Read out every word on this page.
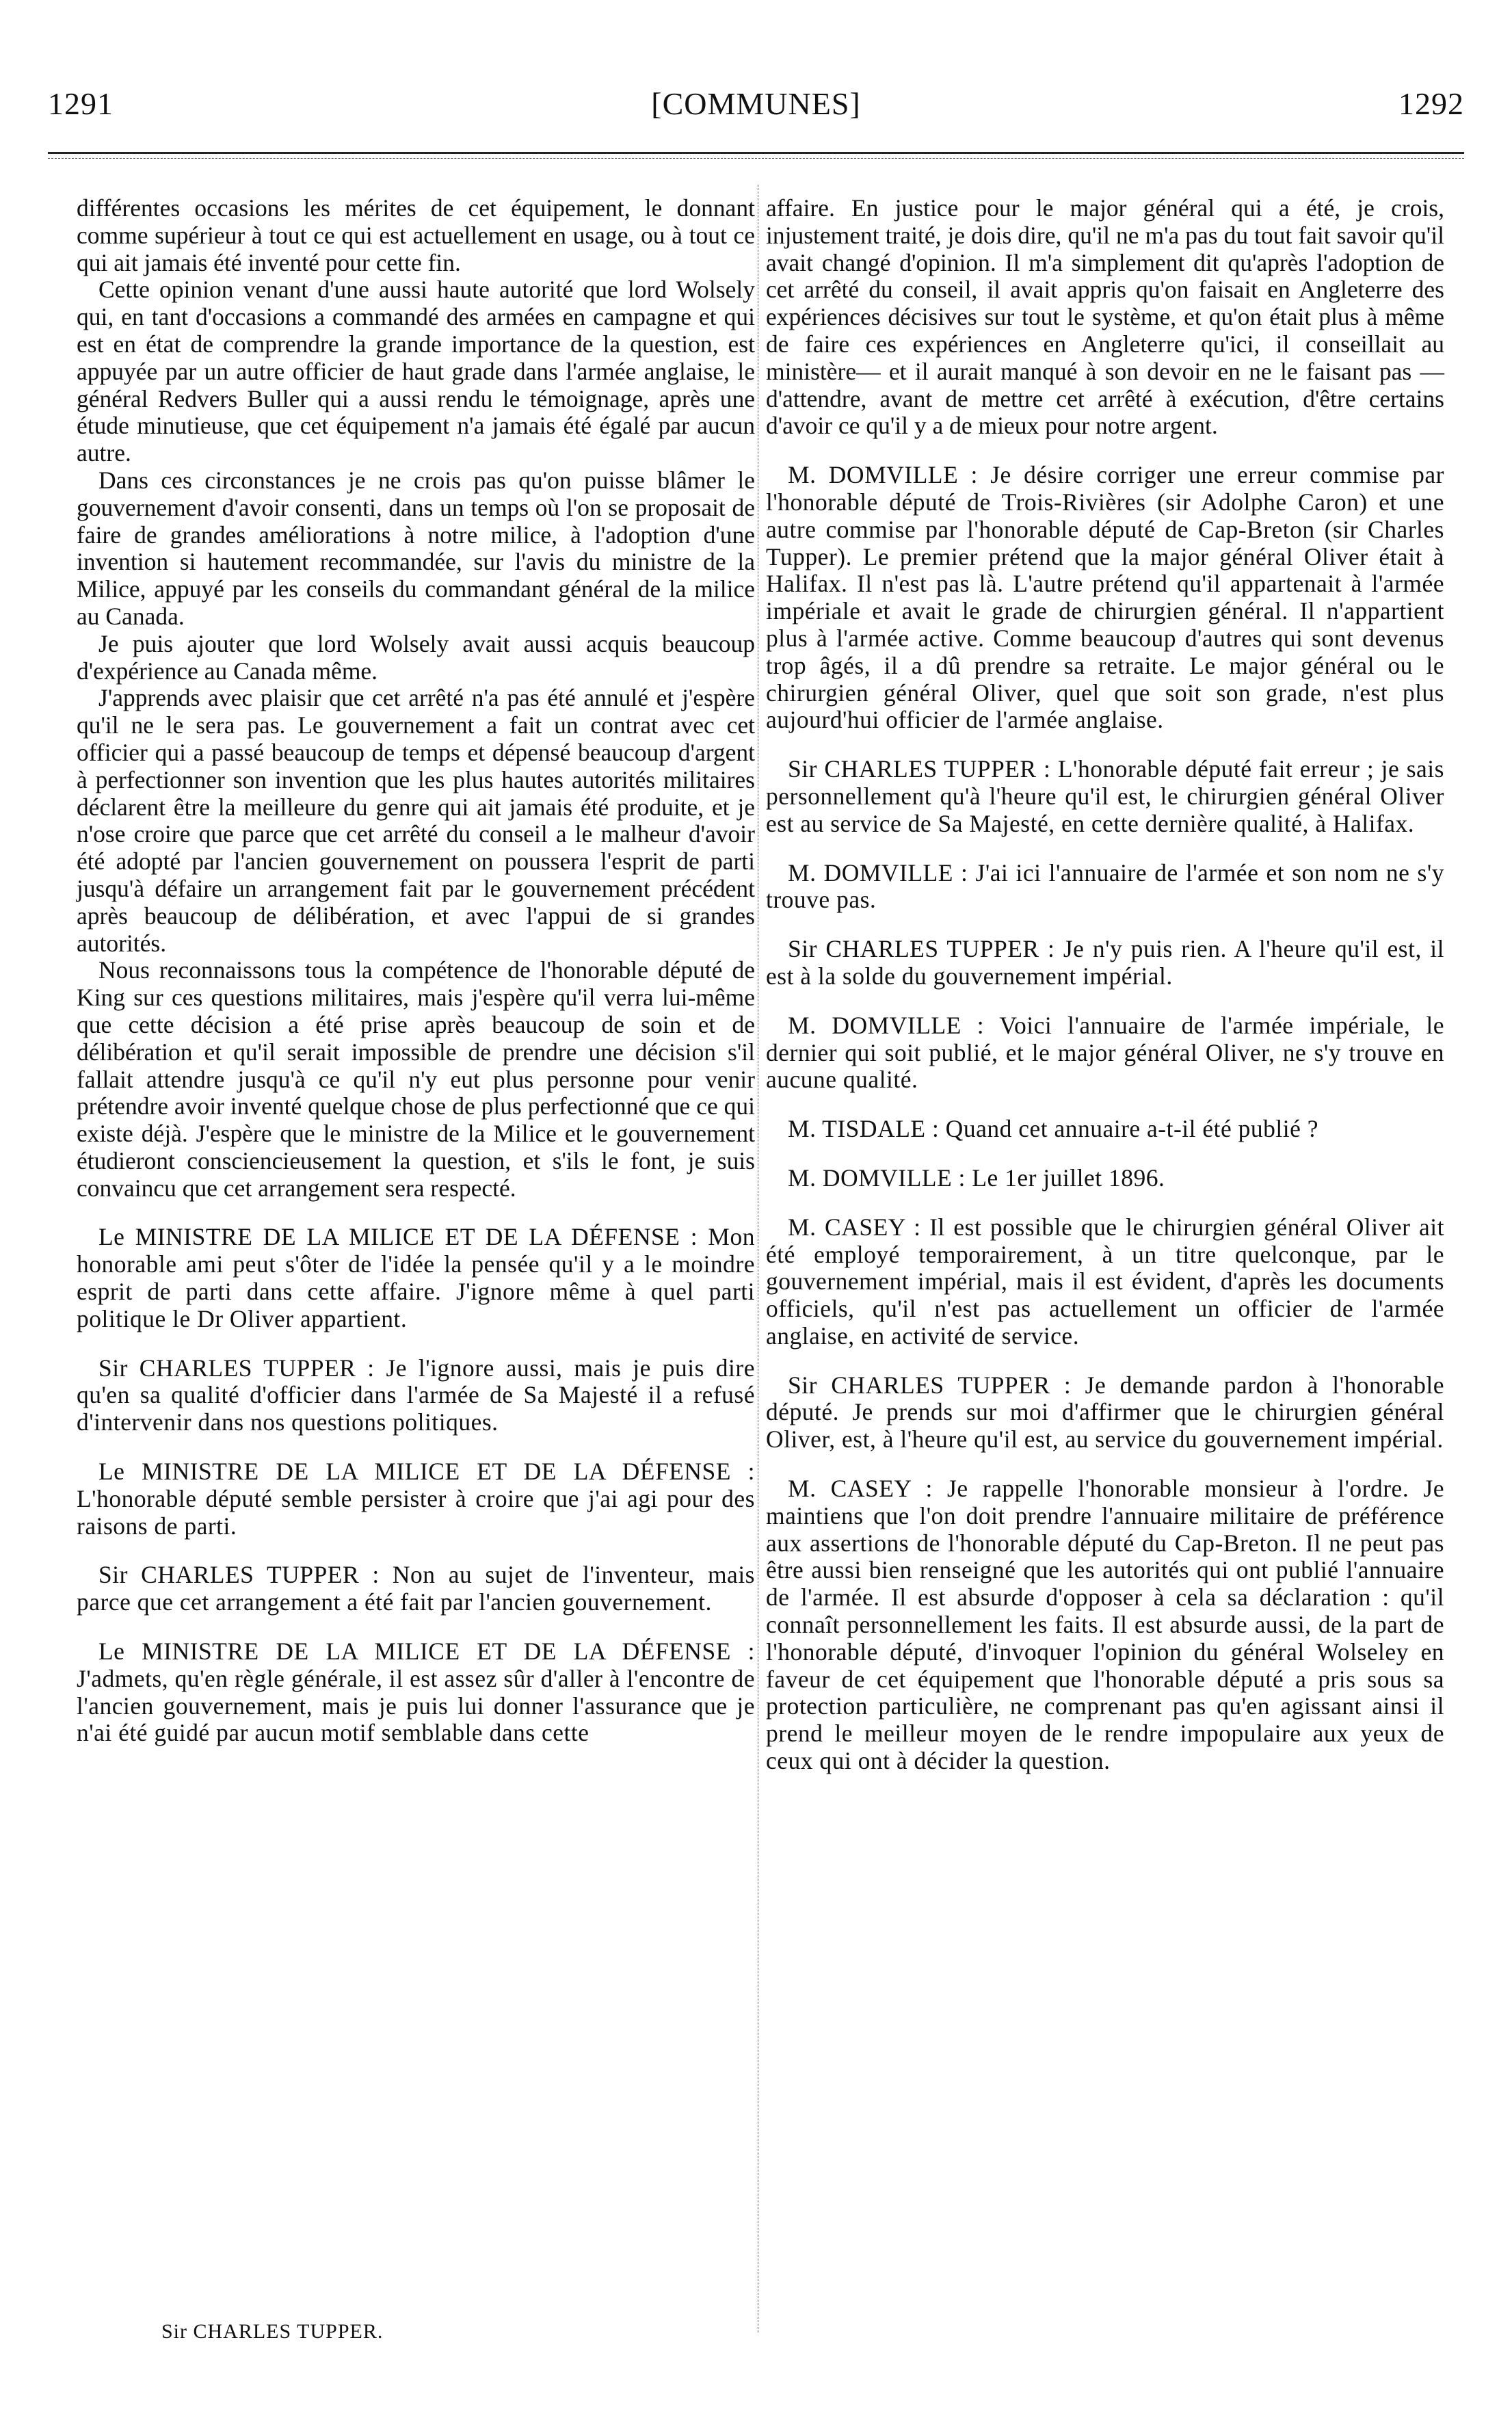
1291	[COMMUNES]	1292

différentes occasions les mérites de cet équipement, le donnant comme supérieur à tout ce qui est actuellement en usage, ou à tout ce qui ait jamais été inventé pour cette fin.

Cette opinion venant d'une aussi haute autorité que lord Wolsely qui, en tant d'occasions a commandé des armées en campagne et qui est en état de comprendre la grande importance de la question, est appuyée par un autre officier de haut grade dans l'armée anglaise, le général Redvers Buller qui a aussi rendu le témoignage, après une étude minutieuse, que cet équipement n'a jamais été égalé par aucun autre.

Dans ces circonstances je ne crois pas qu'on puisse blâmer le gouvernement d'avoir consenti, dans un temps où l'on se proposait de faire de grandes améliorations à notre milice, à l'adoption d'une invention si hautement recommandée, sur l'avis du ministre de la Milice, appuyé par les conseils du commandant général de la milice au Canada.

Je puis ajouter que lord Wolsely avait aussi acquis beaucoup d'expérience au Canada même.

J'apprends avec plaisir que cet arrêté n'a pas été annulé et j'espère qu'il ne le sera pas. Le gouvernement a fait un contrat avec cet officier qui a passé beaucoup de temps et dépensé beaucoup d'argent à perfectionner son invention que les plus hautes autorités militaires déclarent être la meilleure du genre qui ait jamais été produite, et je n'ose croire que parce que cet arrêté du conseil a le malheur d'avoir été adopté par l'ancien gouvernement on poussera l'esprit de parti jusqu'à défaire un arrangement fait par le gouvernement précédent après beaucoup de délibération, et avec l'appui de si grandes autorités.

Nous reconnaissons tous la compétence de l'honorable député de King sur ces questions militaires, mais j'espère qu'il verra lui-même que cette décision a été prise après beaucoup de soin et de délibération et qu'il serait impossible de prendre une décision s'il fallait attendre jusqu'à ce qu'il n'y eut plus personne pour venir prétendre avoir inventé quelque chose de plus perfectionné que ce qui existe déjà. J'espère que le ministre de la Milice et le gouvernement étudieront consciencieusement la question, et s'ils le font, je suis convaincu que cet arrangement sera respecté.

Le MINISTRE DE LA MILICE ET DE LA DÉFENSE : Mon honorable ami peut s'ôter de l'idée la pensée qu'il y a le moindre esprit de parti dans cette affaire. J'ignore même à quel parti politique le Dr Oliver appartient.

Sir CHARLES TUPPER : Je l'ignore aussi, mais je puis dire qu'en sa qualité d'officier dans l'armée de Sa Majesté il a refusé d'intervenir dans nos questions politiques.

Le MINISTRE DE LA MILICE ET DE LA DÉFENSE : L'honorable député semble persister à croire que j'ai agi pour des raisons de parti.

Sir CHARLES TUPPER : Non au sujet de l'inventeur, mais parce que cet arrangement a été fait par l'ancien gouvernement.

Le MINISTRE DE LA MILICE ET DE LA DÉFENSE : J'admets, qu'en règle générale, il est assez sûr d'aller à l'encontre de l'ancien gouvernement, mais je puis lui donner l'assurance que je n'ai été guidé par aucun motif semblable dans cette

affaire. En justice pour le major général qui a été, je crois, injustement traité, je dois dire, qu'il ne m'a pas du tout fait savoir qu'il avait changé d'opinion. Il m'a simplement dit qu'après l'adoption de cet arrêté du conseil, il avait appris qu'on faisait en Angleterre des expériences décisives sur tout le système, et qu'on était plus à même de faire ces expériences en Angleterre qu'ici, il conseillait au ministère— et il aurait manqué à son devoir en ne le faisant pas —d'attendre, avant de mettre cet arrêté à exécution, d'être certains d'avoir ce qu'il y a de mieux pour notre argent.

M. DOMVILLE : Je désire corriger une erreur commise par l'honorable député de Trois-Rivières (sir Adolphe Caron) et une autre commise par l'honorable député de Cap-Breton (sir Charles Tupper). Le premier prétend que la major général Oliver était à Halifax. Il n'est pas là. L'autre prétend qu'il appartenait à l'armée impériale et avait le grade de chirurgien général. Il n'appartient plus à l'armée active. Comme beaucoup d'autres qui sont devenus trop âgés, il a dû prendre sa retraite. Le major général ou le chirurgien général Oliver, quel que soit son grade, n'est plus aujourd'hui officier de l'armée anglaise.

Sir CHARLES TUPPER : L'honorable député fait erreur ; je sais personnellement qu'à l'heure qu'il est, le chirurgien général Oliver est au service de Sa Majesté, en cette dernière qualité, à Halifax.

M. DOMVILLE : J'ai ici l'annuaire de l'armée et son nom ne s'y trouve pas.

Sir CHARLES TUPPER : Je n'y puis rien. A l'heure qu'il est, il est à la solde du gouvernement impérial.

M. DOMVILLE : Voici l'annuaire de l'armée impériale, le dernier qui soit publié, et le major général Oliver, ne s'y trouve en aucune qualité.

M. TISDALE : Quand cet annuaire a-t-il été publié ?

M. DOMVILLE : Le 1er juillet 1896.

M. CASEY : Il est possible que le chirurgien général Oliver ait été employé temporairement, à un titre quelconque, par le gouvernement impérial, mais il est évident, d'après les documents officiels, qu'il n'est pas actuellement un officier de l'armée anglaise, en activité de service.

Sir CHARLES TUPPER : Je demande pardon à l'honorable député. Je prends sur moi d'affirmer que le chirurgien général Oliver, est, à l'heure qu'il est, au service du gouvernement impérial.

M. CASEY : Je rappelle l'honorable monsieur à l'ordre. Je maintiens que l'on doit prendre l'annuaire militaire de préférence aux assertions de l'honorable député du Cap-Breton. Il ne peut pas être aussi bien renseigné que les autorités qui ont publié l'annuaire de l'armée. Il est absurde d'opposer à cela sa déclaration : qu'il connaît personnellement les faits. Il est absurde aussi, de la part de l'honorable député, d'invoquer l'opinion du général Wolseley en faveur de cet équipement que l'honorable député a pris sous sa protection particulière, ne comprenant pas qu'en agissant ainsi il prend le meilleur moyen de le rendre impopulaire aux yeux de ceux qui ont à décider la question.

Sir CHARLES TUPPER.
